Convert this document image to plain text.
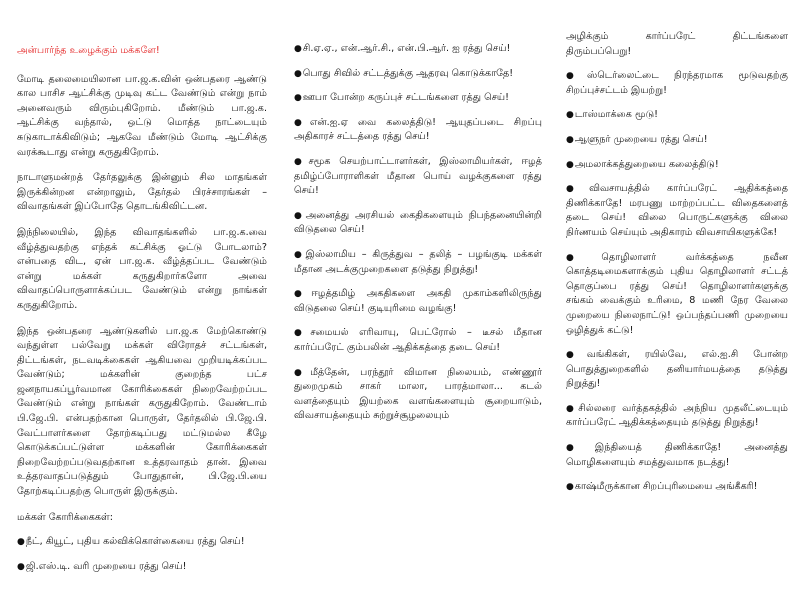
அன்பார்ந்த உழைக்கும் மக்களே!

மோடி தலைமையிலான பா.ஜ.க.வின் ஒன்பதரை ஆண்டு கால பாசிச ஆட்சிக்கு முடிவு கட்ட வேண்டும் என்று நாம் அனைவரும் விரும்புகிறோம். மீண்டும் பா.ஜ.க. ஆட்சிக்கு வந்தால், ஒட்டு மொத்த நாட்டையும் சுடுகாடாக்கிவிடும்; ஆகவே மீண்டும் மோடி ஆட்சிக்கு வரக்கூடாது என்று கருதுகிறோம்.

நாடாளுமன்றத் தேர்தலுக்கு இன்னும் சில மாதங்கள் இருக்கின்றன என்றாலும், தேர்தல் பிரச்சாரங்கள் – விவாதங்கள் இப்போதே தொடங்கிவிட்டன.

இந்நிலையில், இந்த விவாதங்களில் பா.ஜ.க.வை வீழ்த்துவதற்கு எந்தக் கட்சிக்கு ஓட்டு போடலாம்? என்பதை விட, ஏன் பா.ஜ.க. வீழ்த்தப்பட வேண்டும் என்று மக்கள் கருதுகிறார்களோ அவை விவாதப்பொருளாக்கப்பட வேண்டும் என்று நாங்கள் கருதுகிறோம்.

இந்த ஒன்பதரை ஆண்டுகளில் பா.ஜ.க மேற்கொண்டு வந்துள்ள பல்வேறு மக்கள் விரோதச் சட்டங்கள், திட்டங்கள், நடவடிக்கைகள் ஆகியவை முறியடிக்கப்பட வேண்டும்; மக்களின் குறைந்த பட்ச ஜனநாயகப்பூர்வமான கோரிக்கைகள் நிறைவேற்றப்பட வேண்டும் என்று நாங்கள் கருதுகிறோம். வேண்டாம் பி.ஜே.பி. என்பதற்கான பொருள், தேர்தலில் பி.ஜே.பி. வேட்பாளர்களை தோற்கடிப்பது மட்டுமல்ல கீழே கொடுக்கப்பட்டுள்ள மக்களின் கோரிக்கைகள் நிறைவேற்றப்படுவதற்கான உத்தரவாதம் தான். இவை உத்தரவாதப்படுத்தும் போதுதான், பி.ஜே.பி.யை தோற்கடிப்பதற்கு பொருள் இருக்கும்.

மக்கள் கோரிக்கைகள்:

●நீட், கியூட், புதிய கல்விக்கொள்கையை ரத்து செய்!

●ஜி.எஸ்.டி. வரி முறையை ரத்து செய்!

●சி.ஏ.ஏ., என்.ஆர்.சி., என்.பி.ஆர். ஐ ரத்து செய்!

●பொது சிவில் சட்டத்துக்கு ஆதரவு கொடுக்காதே!

●ஊபா போன்ற கருப்புச் சட்டங்களை ரத்து செய்!

●என்.ஐ.ஏ வை கலைத்திடு! ஆயுதப்படை சிறப்பு அதிகாரச் சட்டத்தை ரத்து செய்!

●சமூக செயற்பாட்டாளர்கள், இஸ்லாமியர்கள், ஈழத் தமிழ்ப்போராளிகள் மீதான பொய் வழக்குகளை ரத்து செய்!

●அனைத்து அரசியல் கைதிகளையும் நிபந்தனையின்றி விடுதலை செய்!

●இஸ்லாமிய – கிருத்துவ – தலித் – பழங்குடி மக்கள் மீதான அடக்குமுறைகளை தடுத்து நிறுத்து!

●ஈழத்தமிழ் அகதிகளை அகதி முகாம்களிலிருந்து விடுதலை செய்! குடியுரிமை வழங்கு!

●சமையல் எரிவாயு, பெட்ரோல் – டீசல் மீதான கார்ப்பரேட் கும்பலின் ஆதிக்கத்தை தடை செய்!

●மீத்தேன், பரந்தூர் விமான நிலையம், எண்ணூர் துறைமுகம் சாகர் மாலா, பாரத்மாலா... கடல் வளத்தையும் இயற்கை வளங்களையும் சூறையாடும், விவசாயத்தையும் சுற்றுச்சூழலையும்

அழிக்கும் கார்ப்பரேட் திட்டங்களை திரும்பப்பெறு!

●ஸ்டெர்லைட்டை நிரந்தரமாக மூடுவதற்கு சிறப்புச்சட்டம் இயற்று!

●டாஸ்மாக்கை மூடு!

●ஆளுநர் முறையை ரத்து செய்!

●அமலாக்கத்துறையை கலைத்திடு!

●விவசாயத்தில் கார்ப்பரேட் ஆதிக்கத்தை திணிக்காதே! மரபணு மாற்றப்பட்ட விதைகளைத் தடை செய்! விலை பொருட்களுக்கு விலை நிர்ணயம் செய்யும் அதிகாரம் விவசாயிகளுக்கே!

●தொழிலாளர் வர்க்கத்தை நவீன கொத்தடிமைகளாக்கும் புதிய தொழிலாளர் சட்டத் தொகுப்பை ரத்து செய்! தொழிலாளர்களுக்கு சங்கம் வைக்கும் உரிமை, 8 மணி நேர வேலை முறையை நிலைநாட்டு! ஒப்பந்தப்பணி முறையை ஒழித்துக் கட்டு!

●வங்கிகள், ரயில்வே, எல்.ஐ.சி போன்ற பொதுத்துறைகளில் தனியார்மயத்தை தடுத்து நிறுத்து!

●சில்லரை வர்த்தகத்தில் அந்நிய முதலீட்டையும் கார்ப்பரேட் ஆதிக்கத்தையும் தடுத்து நிறுத்து!

●இந்தியைத் திணிக்காதே! அனைத்து மொழிகளையும் சமத்துவமாக நடத்து!

●காஷ்மீருக்கான சிறப்புரிமையை அங்கீகரி!
